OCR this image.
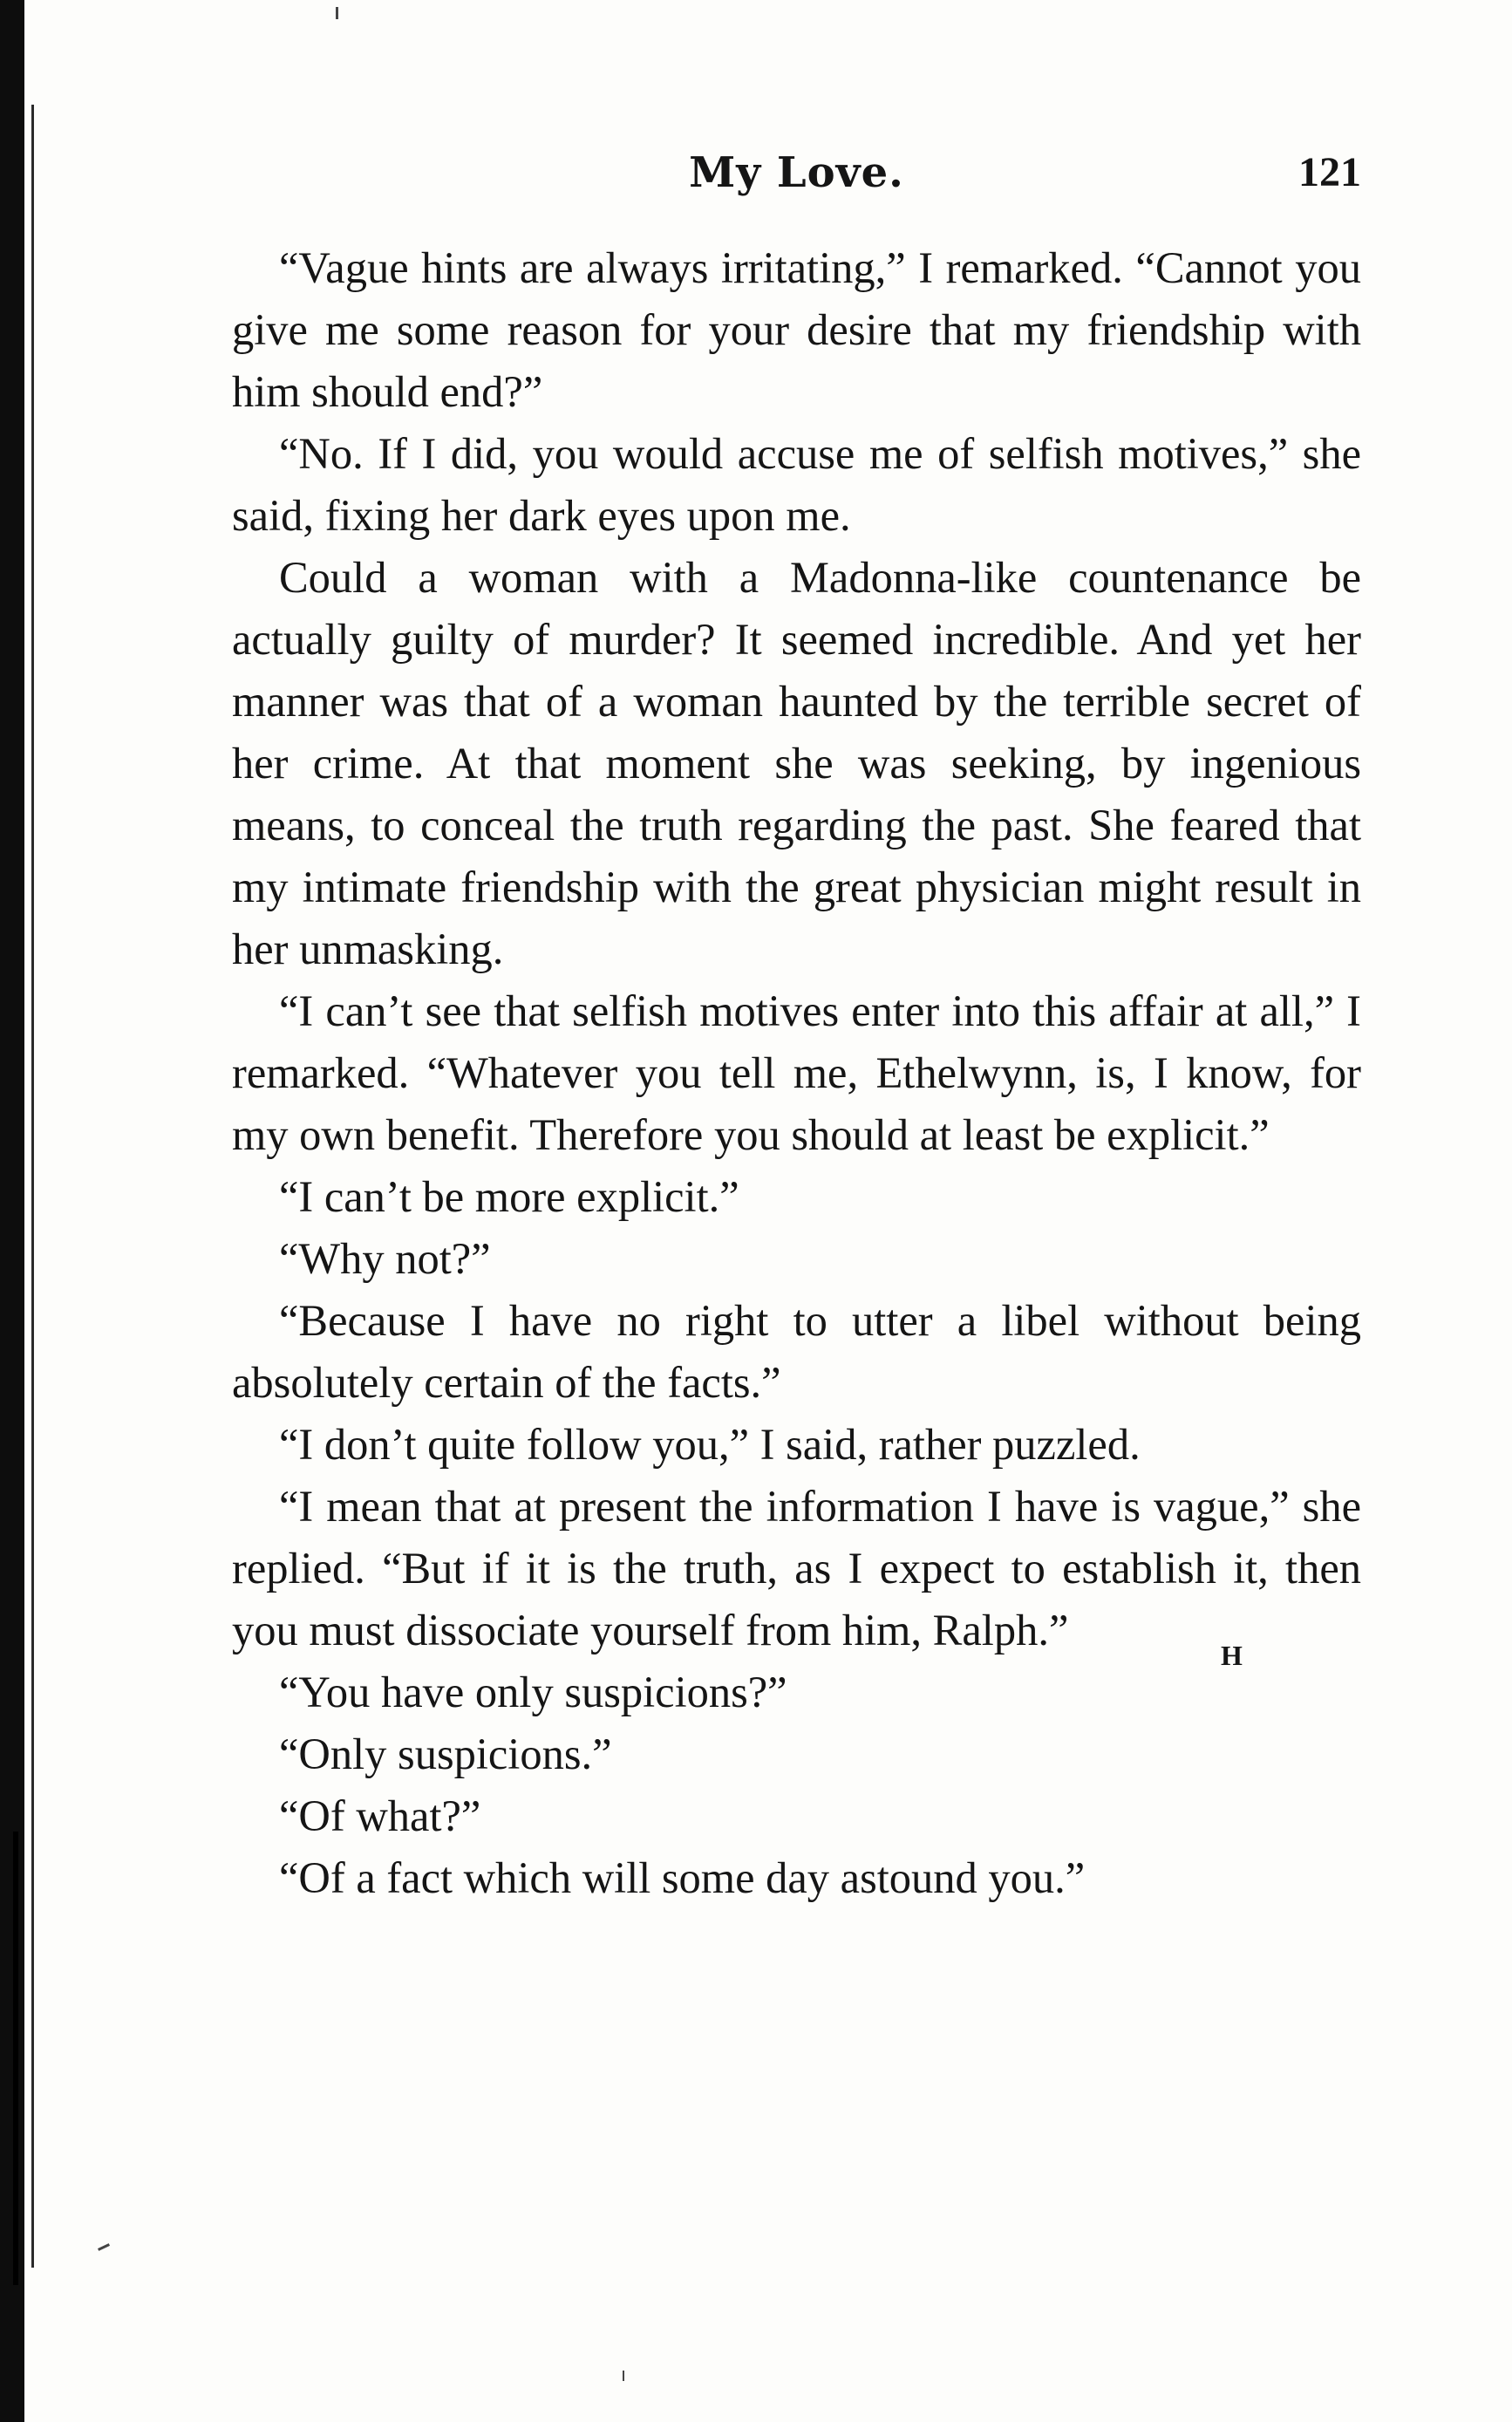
My Love.	121

“Vague hints are always irritating,” I remarked. “Cannot you give me some reason for your desire that my friendship with him should end?”

“No. If I did, you would accuse me of selfish motives,” she said, fixing her dark eyes upon me.

Could a woman with a Madonna-like countenance be actually guilty of murder? It seemed incredible. And yet her manner was that of a woman haunted by the terrible secret of her crime. At that moment she was seeking, by ingenious means, to conceal the truth regarding the past. She feared that my intimate friendship with the great physician might result in her unmasking.

“I can’t see that selfish motives enter into this affair at all,” I remarked. “Whatever you tell me, Ethelwynn, is, I know, for my own benefit. Therefore you should at least be explicit.”

“I can’t be more explicit.”

“Why not?”

“Because I have no right to utter a libel without being absolutely certain of the facts.”

“I don’t quite follow you,” I said, rather puzzled.

“I mean that at present the information I have is vague,” she replied. “But if it is the truth, as I expect to establish it, then you must dissociate yourself from him, Ralph.”

“You have only suspicions?”

“Only suspicions.”

“Of what?”

“Of a fact which will some day astound you.”

H
